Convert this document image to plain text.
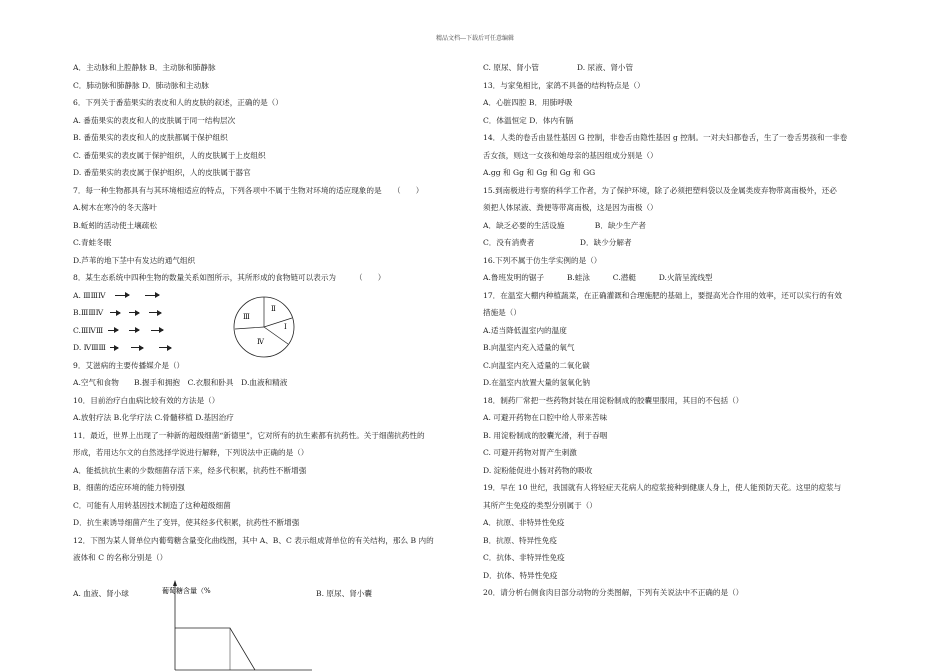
精品文档---下载后可任意编辑
A．主动脉和上腔静脉 B．主动脉和肺静脉
C．肺动脉和肺静脉 D．肺动脉和主动脉
6．下列关于番茄果实的表皮和人的皮肤的叙述，正确的是（）
A. 番茄果实的表皮和人的皮肤属于同一结构层次
B. 番茄果实的表皮和人的皮肤都属于保护组织
C. 番茄果实的表皮属于保护组织，人的皮肤属于上皮组织
D. 番茄果实的表皮属于保护组织，人的皮肤属于器官
7．每一种生物都具有与其环境相适应的特点，下列各项中不属于生物对环境的适应现象的是　　（　　）
A.树木在寒冷的冬天落叶
B.蚯蚓的活动使土壤疏松
C.青蛙冬眠
D.芦苇的地下茎中有发达的通气组织
8．某生态系统中四种生物的数量关系如图所示，其所形成的食物链可以表示为　　　（　　）
A. ⅢⅢⅣ
B.ⅢⅢⅣ
C.ⅢⅣⅢ
D. ⅣⅢⅢ
9．艾滋病的主要传播媒介是（）
A.空气和食物　　B.握手和拥抱　C.衣服和卧具　D.血液和精液
10．目前治疗白血病比较有效的方法是（）
A.放射疗法 B.化学疗法 C.骨髓移植 D.基因治疗
11．最近，世界上出现了一种新的超级细菌“新德里”，它对所有的抗生素都有抗药性。关于细菌抗药性的
形成，若用达尔文的自然选择学说进行解释，下列说法中正确的是（）
A．能抵抗抗生素的少数细菌存活下来，经多代积累，抗药性不断增强
B．细菌的适应环境的能力特别强
C．可能有人用转基因技术制造了这种超级细菌
D．抗生素诱导细菌产生了变异，使其经多代积累，抗药性不断增强
12．下图为某人肾单位内葡萄糖含量变化曲线图，其中 A、B、C 表示组成肾单位的有关结构，那么 B 内的
液体和 C 的名称分别是（）
Ⅱ
Ⅰ
Ⅲ
Ⅳ
A. 血液、肾小球	B. 原尿、肾小囊
葡萄糖含量（%
C. 原尿、肾小管　　　　　D. 尿液、肾小管
13．与家兔相比，家鸽不具备的结构特点是（）
A．心脏四腔 B．用肺呼吸
C．体温恒定 D．体内有膈
14．人类的卷舌由显性基因 G 控制，非卷舌由隐性基因 g 控制。一对夫妇都卷舌，生了一卷舌男孩和一非卷
舌女孩，则这一女孩和她母亲的基因组成分别是（）
A.gg 和 Gg 和 Gg 和 Gg 和 GG
15.到南极进行考察的科学工作者，为了保护环境，除了必须把塑料袋以及金属类废弃物带离南极外，还必
须把人体尿液、粪便等带离南极，这是因为南极（）
A．缺乏必要的生活设施　　　　B．缺少生产者
C．没有消费者　　　　　　D．缺少分解者
16.下列不属于仿生学实例的是（）
A.鲁班发明的锯子　　　B.蛙泳　　　C.潜艇　　　D.火箭呈流线型
17．在温室大棚内种植蔬菜，在正确灌溉和合理施肥的基础上，要提高光合作用的效率，还可以实行的有效
措施是（）
A.适当降低温室内的温度
B.向温室内充入适量的氧气
C.向温室内充入适量的二氧化碳
D.在温室内放置大量的氢氧化钠
18．制药厂常把一些药物封装在用淀粉制成的胶囊里服用，其目的不包括（）
A. 可避开药物在口腔中给人带来苦味
B. 用淀粉制成的胶囊光滑，利于吞咽
C. 可避开药物对胃产生刺激
D. 淀粉能促进小肠对药物的吸收
19．早在 10 世纪，我国就有人将轻症天花病人的痘浆接种到健康人身上，使人能预防天花。这里的痘浆与
其所产生免疫的类型分别属于（）
A．抗原、非特异性免疫
B．抗原、特异性免疫
C．抗体、非特异性免疫
D．抗体、特异性免疫
20．请分析右侧食肉目部分动物的分类图解，下列有关说法中不正确的是（）
